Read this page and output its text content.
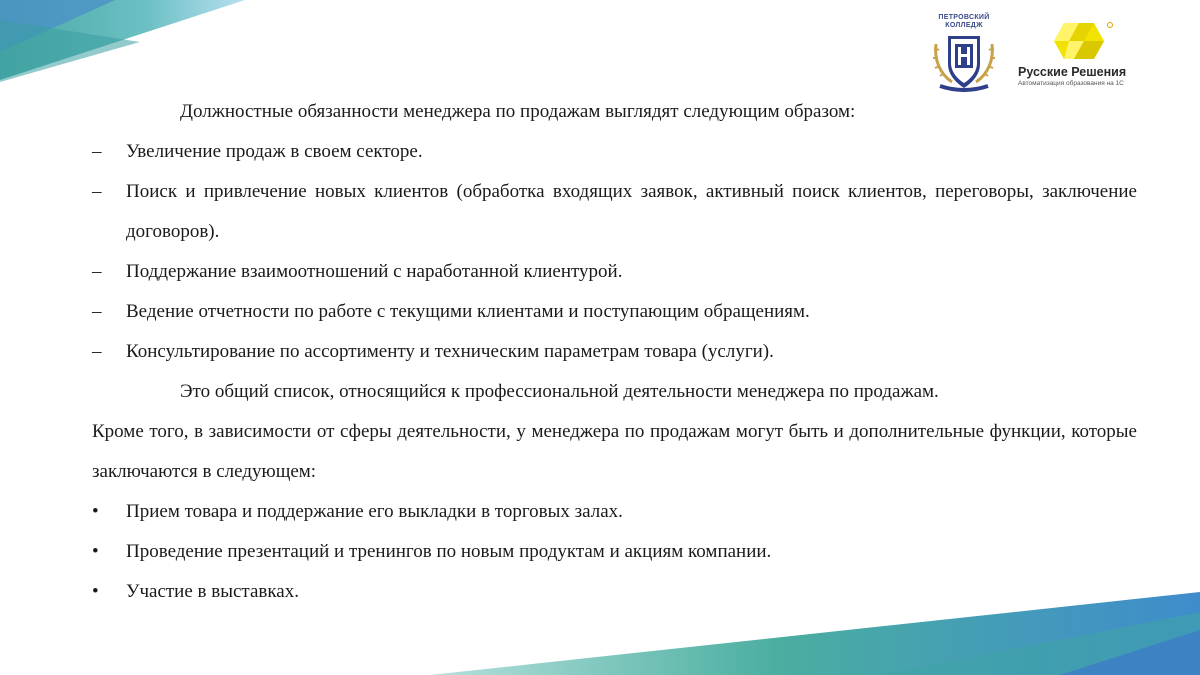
ПЕТРОВСКИЙ
КОЛЛЕДЖ
Русские Решения
Автоматизация образования на 1С

Должностные обязанности менеджера по продажам выглядят следующим образом:

–	Увеличение продаж в своем секторе.

–	Поиск и привлечение новых клиентов (обработка входящих заявок, активный поиск клиентов, переговоры, заключение договоров).

–	Поддержание взаимоотношений с наработанной клиентурой.

–	Ведение отчетности по работе с текущими клиентами и поступающим обращениям.

–	Консультирование по ассортименту и техническим параметрам товара (услуги).

Это общий список, относящийся к профессиональной деятельности менеджера по продажам.

Кроме того, в зависимости от сферы деятельности, у менеджера по продажам могут быть и дополнительные функции, которые заключаются в следующем:

•	Прием товара и поддержание его выкладки в торговых залах.

•	Проведение презентаций и тренингов по новым продуктам и акциям компании.

•	Участие в выставках.
